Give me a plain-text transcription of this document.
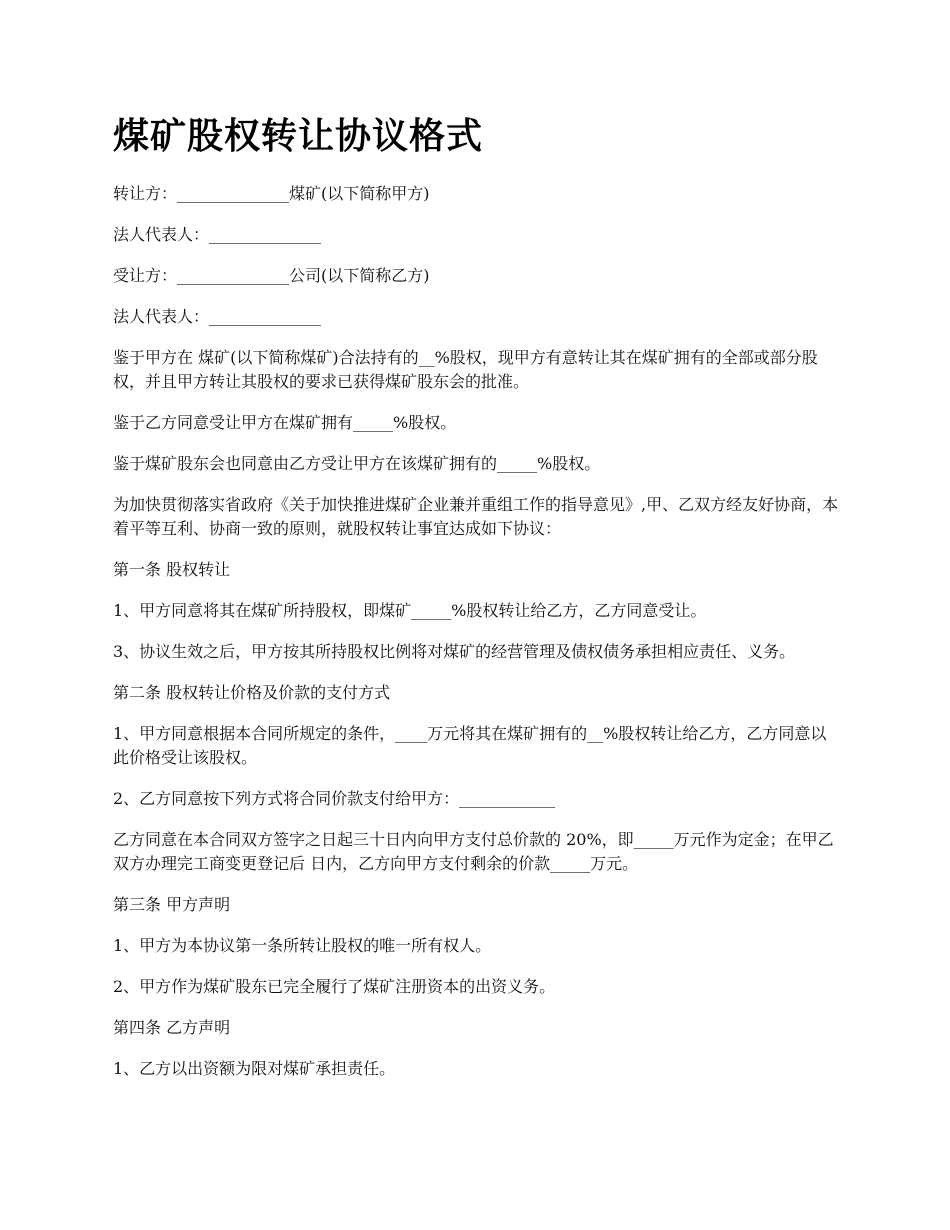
煤矿股权转让协议格式

转让方：______________煤矿(以下简称甲方)

法人代表人：______________

受让方：______________公司(以下简称乙方)

法人代表人：______________

鉴于甲方在 煤矿(以下简称煤矿)合法持有的__%股权，现甲方有意转让其在煤矿拥有的全部或部分股权，并且甲方转让其股权的要求已获得煤矿股东会的批准。

鉴于乙方同意受让甲方在煤矿拥有_____%股权。

鉴于煤矿股东会也同意由乙方受让甲方在该煤矿拥有的_____%股权。

为加快贯彻落实省政府《关于加快推进煤矿企业兼并重组工作的指导意见》,甲、乙双方经友好协商，本着平等互利、协商一致的原则，就股权转让事宜达成如下协议：

第一条 股权转让

1、甲方同意将其在煤矿所持股权，即煤矿_____%股权转让给乙方，乙方同意受让。

3、协议生效之后，甲方按其所持股权比例将对煤矿的经营管理及债权债务承担相应责任、义务。

第二条 股权转让价格及价款的支付方式

1、甲方同意根据本合同所规定的条件，____万元将其在煤矿拥有的__%股权转让给乙方，乙方同意以此价格受让该股权。

2、乙方同意按下列方式将合同价款支付给甲方：____________

乙方同意在本合同双方签字之日起三十日内向甲方支付总价款的 20%，即_____万元作为定金；在甲乙双方办理完工商变更登记后 日内，乙方向甲方支付剩余的价款_____万元。

第三条 甲方声明

1、甲方为本协议第一条所转让股权的唯一所有权人。

2、甲方作为煤矿股东已完全履行了煤矿注册资本的出资义务。

第四条 乙方声明

1、乙方以出资额为限对煤矿承担责任。
